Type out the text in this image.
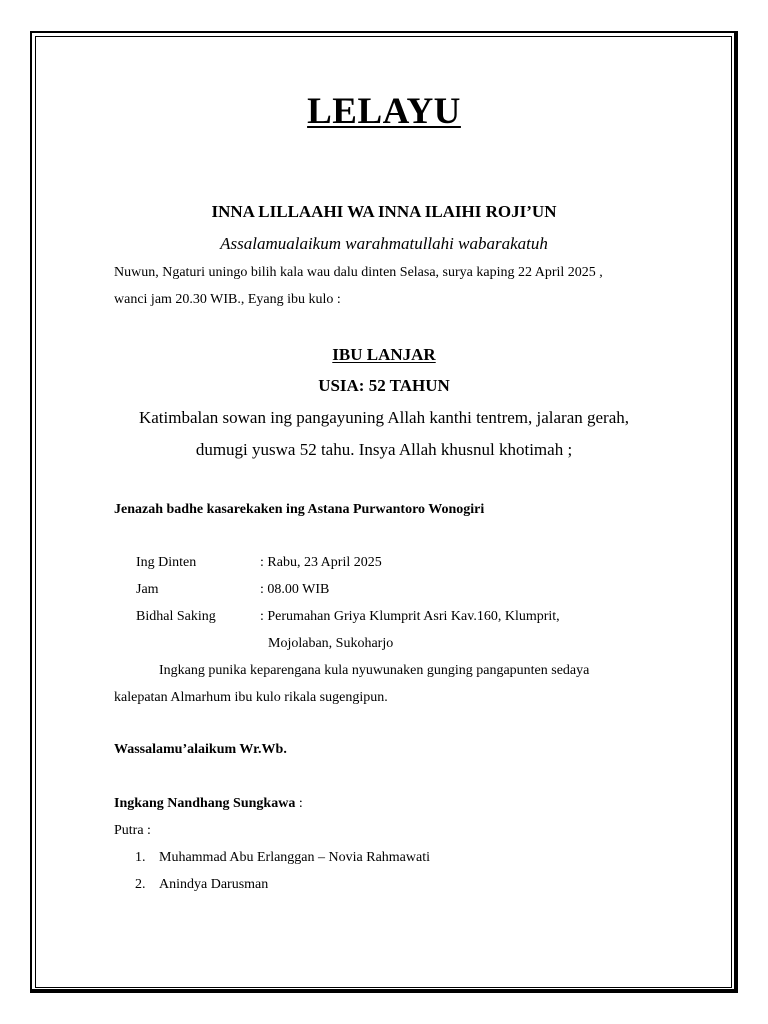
LELAYU
INNA LILLAAHI WA INNA ILAIHI ROJI’UN
Assalamualaikum warahmatullahi wabarakatuh
Nuwun, Ngaturi uningo bilih kala wau dalu dinten Selasa, surya kaping 22 April 2025 ,
wanci jam 20.30 WIB., Eyang ibu kulo :
IBU LANJAR
USIA: 52 TAHUN
Katimbalan sowan ing pangayuning Allah kanthi tentrem, jalaran gerah,
dumugi yuswa 52 tahu. Insya Allah khusnul khotimah ;
Jenazah badhe kasarekaken ing Astana Purwantoro Wonogiri
Ing Dinten	: Rabu, 23 April 2025
Jam	: 08.00 WIB
Bidhal Saking	: Perumahan Griya Klumprit Asri Kav.160, Klumprit,
Mojolaban, Sukoharjo
Ingkang punika keparengana kula nyuwunaken gunging pangapunten sedaya
kalepatan Almarhum ibu kulo rikala sugengipun.
Wassalamu’alaikum Wr.Wb.
Ingkang Nandhang Sungkawa :
Putra :
1. Muhammad Abu Erlanggan – Novia Rahmawati
2. Anindya Darusman
